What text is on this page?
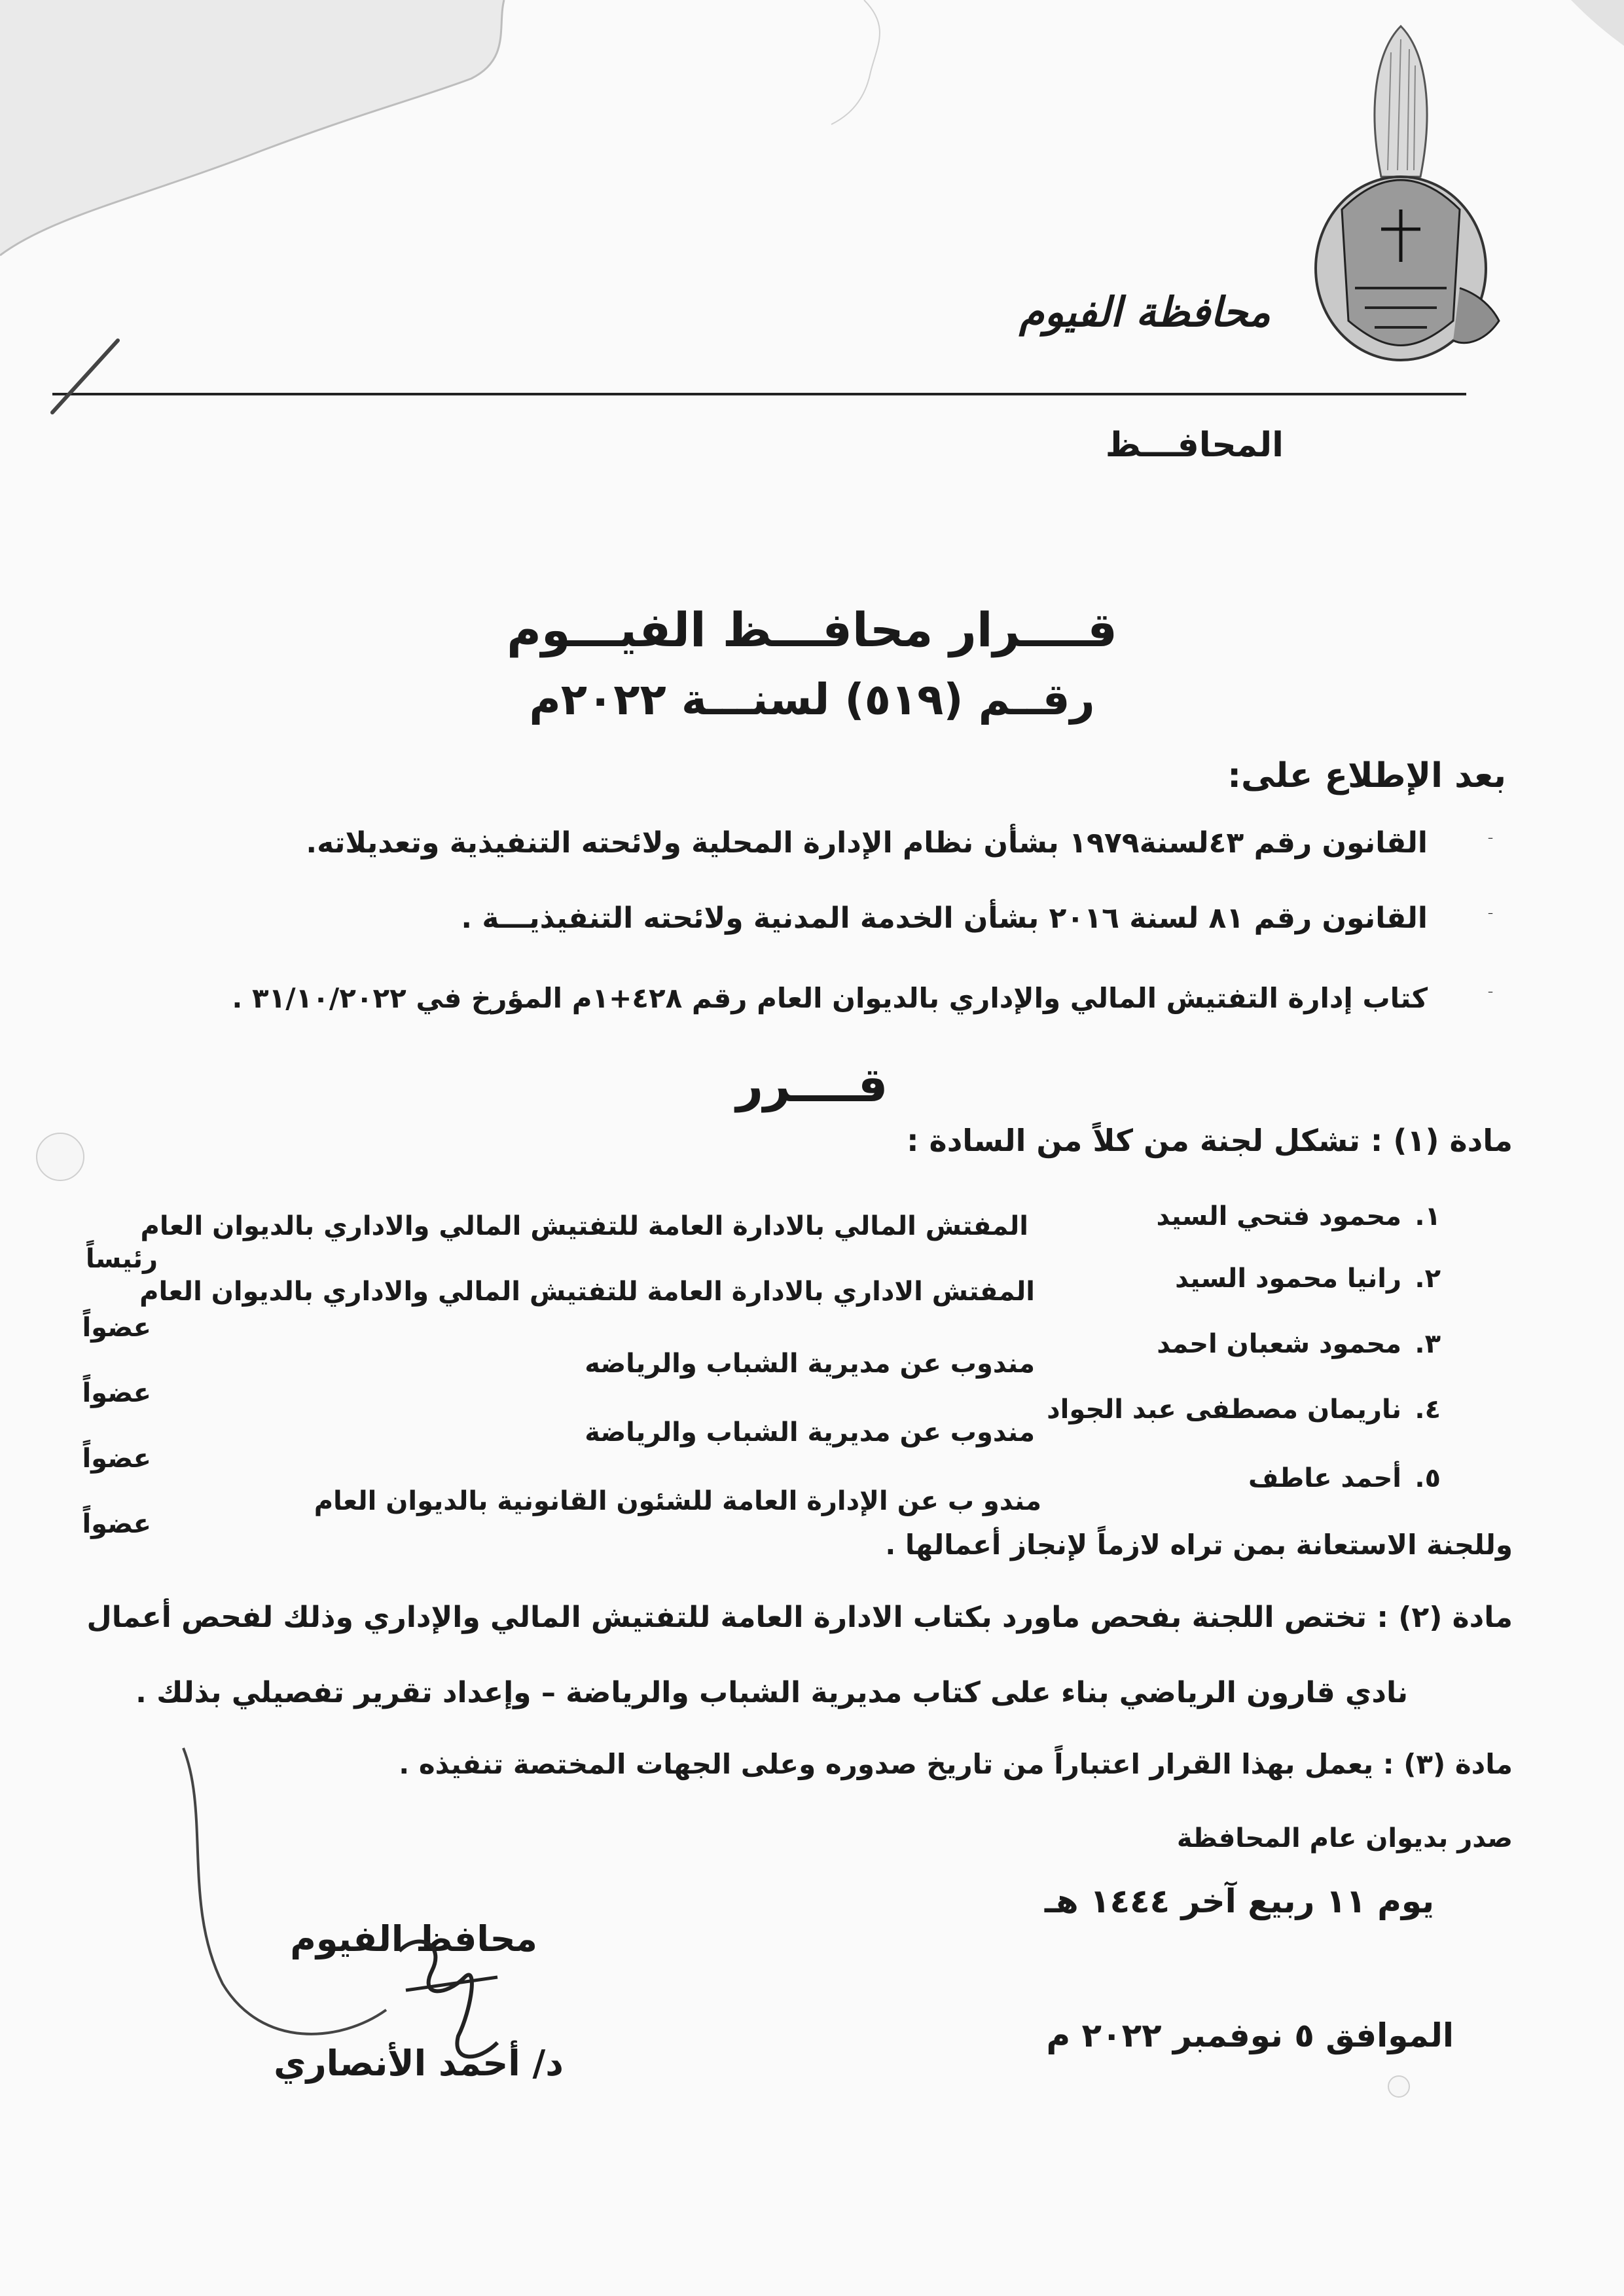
محافظة الفيوم
المحافـــظ
قــــرار محافـــظ الفيـــوم
رقــم (٥١٩) لسنـــة ٢٠٢٢م
بعد الإطلاع على:
–
القانون رقم ٤٣لسنة١٩٧٩ بشأن نظام الإدارة المحلية ولائحته التنفيذية وتعديلاته.
–
القانون رقم ٨١ لسنة ٢٠١٦ بشأن الخدمة المدنية ولائحته التنفيذيـــة .
–
كتاب إدارة التفتيش المالي والإداري بالديوان العام رقم ٤٢٨+١م المؤرخ في ٣١/١٠/٢٠٢٢ .
قــــرر
مادة (١) : تشكل لجنة من كلاً من السادة :
١.
محمود فتحي السيد
المفتش المالي بالادارة العامة للتفتيش المالي والاداري بالديوان العام
رئيساً
٢.
رانيا محمود السيد
المفتش الاداري بالادارة العامة للتفتيش المالي والاداري بالديوان العام
عضواً
٣.
محمود شعبان احمد
مندوب عن مديرية الشباب والرياضه
عضواً
٤.
ناريمان مصطفى عبد الجواد
مندوب عن مديرية الشباب والرياضة
عضواً
٥.
أحمد عاطف
مندو ب عن الإدارة العامة للشئون القانونية بالديوان العام
عضواً
وللجنة الاستعانة بمن تراه لازماً لإنجاز أعمالها .
مادة (٢) : تختص اللجنة بفحص ماورد بكتاب الادارة العامة للتفتيش المالي والإداري وذلك لفحص أعمال
نادي قارون الرياضي بناء على كتاب مديرية الشباب والرياضة – وإعداد تقرير تفصيلي بذلك .
مادة (٣) : يعمل بهذا القرار اعتباراً من تاريخ صدوره وعلى الجهات المختصة تنفيذه .
صدر بديوان عام المحافظة
يوم ١١ ربيع آخر ١٤٤٤ هـ
الموافق ٥ نوفمبر ٢٠٢٢ م
محافظ الفيوم
د/ أحمد الأنصاري
